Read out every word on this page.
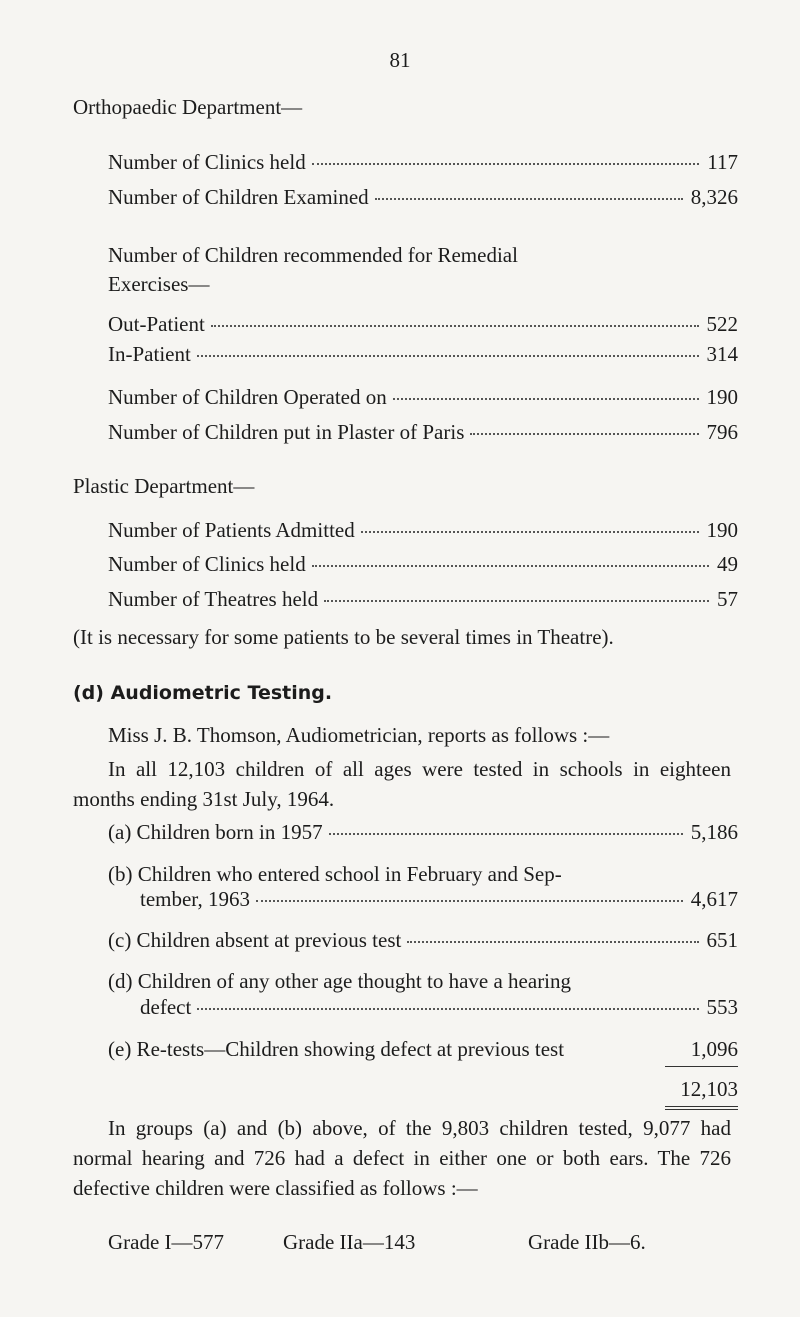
81
Orthopaedic Department—
Number of Clinics held	117
Number of Children Examined	8,326
Number of Children recommended for Remedial
Exercises—
Out-Patient	522
In-Patient	314
Number of Children Operated on	190
Number of Children put in Plaster of Paris	796
Plastic Department—
Number of Patients Admitted	190
Number of Clinics held	49
Number of Theatres held	57
(It is necessary for some patients to be several times in Theatre).
(d) Audiometric Testing.
Miss J. B. Thomson, Audiometrician, reports as follows :—
In all 12,103 children of all ages were tested in schools in eighteen months ending 31st July, 1964.
(a) Children born in 1957	5,186
(b) Children who entered school in February and Sep-
tember, 1963	4,617
(c) Children absent at previous test	651
(d) Children of any other age thought to have a hearing
defect	553
(e) Re-tests—Children showing defect at previous test	1,096
12,103
In groups (a) and (b) above, of the 9,803 children tested, 9,077 had normal hearing and 726 had a defect in either one or both ears. The 726 defective children were classified as follows :—
Grade I—577	Grade IIa—143	Grade IIb—6.
